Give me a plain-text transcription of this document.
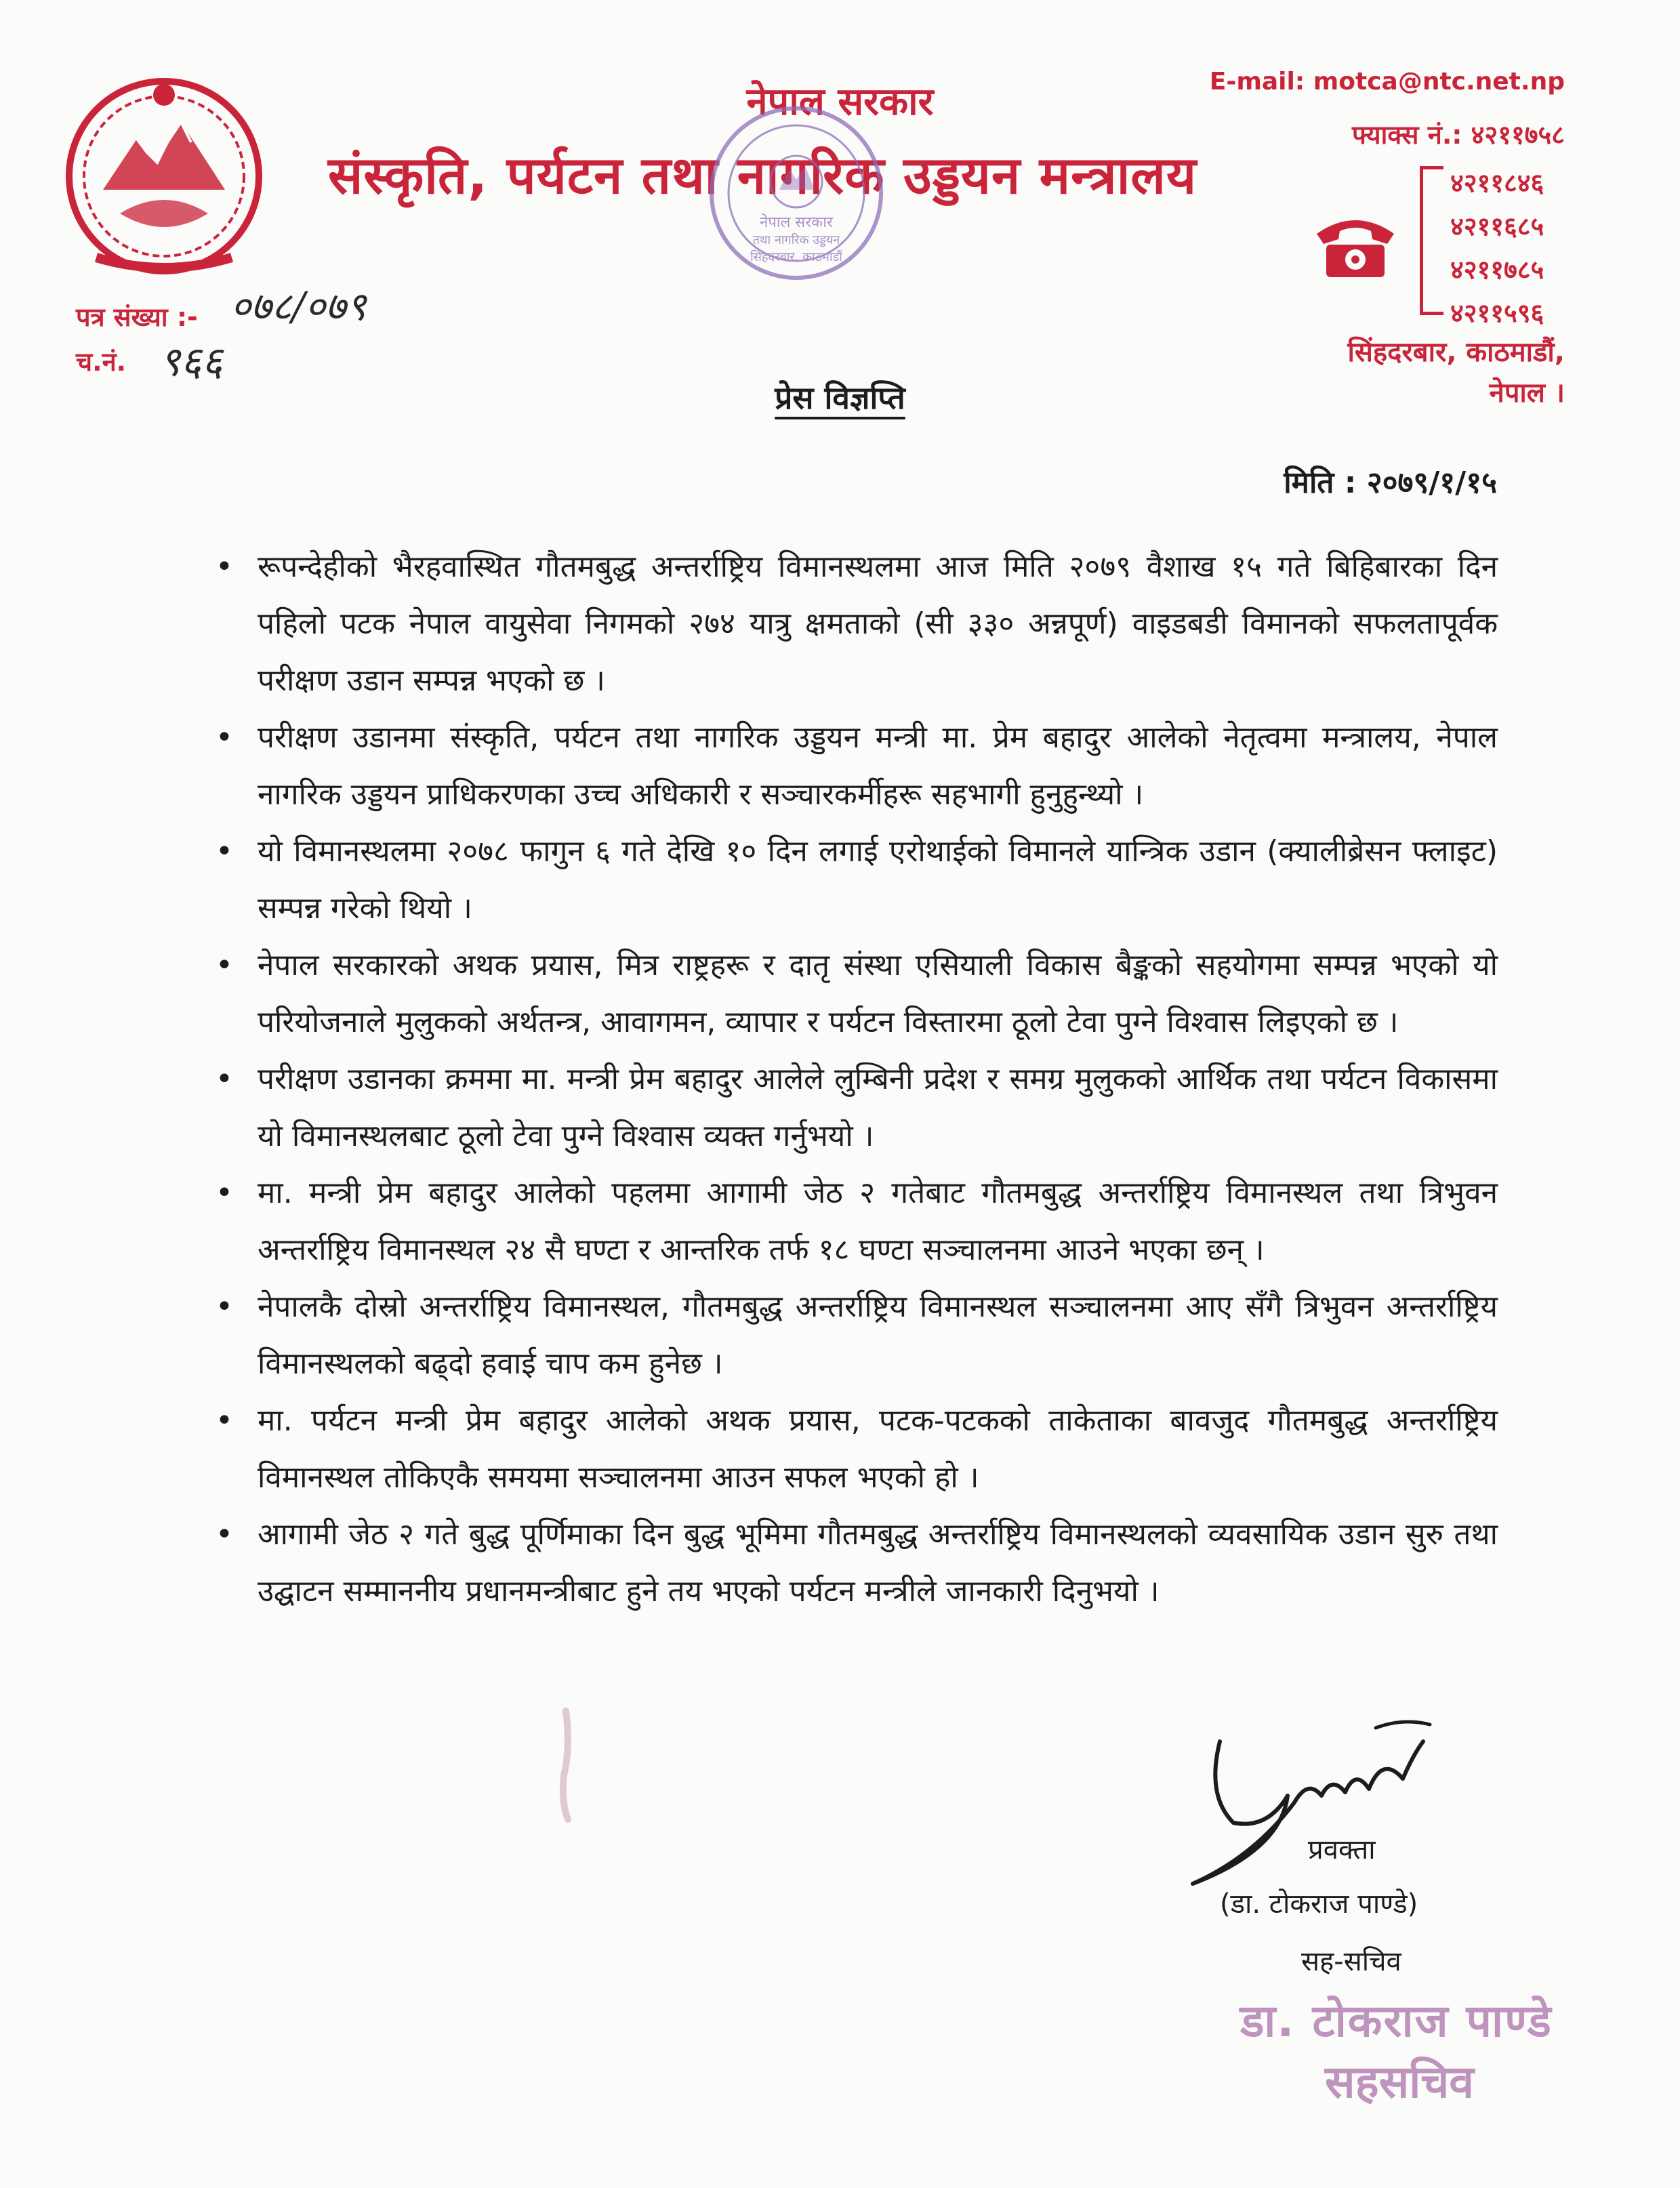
नेपाल सरकार
संस्कृति, पर्यटन तथा नागरिक उड्डयन मन्त्रालय
E-mail: motca@ntc.net.np
फ्याक्स नं.: ४२११७५८
४२११८४६
४२११६८५
४२११७८५
४२११५९६
सिंहदरबार, काठमाडौं,
नेपाल ।
नेपाल सरकार
तथा नागरिक उड्डयन
सिंहदरबार, काठमाडौं
पत्र संख्या :-
च.नं.
०७८/०७९
९६६
प्रेस विज्ञप्ति
मिति : २०७९/१/१५
• रूपन्देहीको भैरहवास्थित गौतमबुद्ध अन्तर्राष्ट्रिय विमानस्थलमा आज मिति २०७९ वैशाख १५ गते बिहिबारका दिन पहिलो पटक नेपाल वायुसेवा निगमको २७४ यात्रु क्षमताको (सी ३३० अन्नपूर्ण) वाइडबडी विमानको सफलतापूर्वक परीक्षण उडान सम्पन्न भएको छ ।
• परीक्षण उडानमा संस्कृति, पर्यटन तथा नागरिक उड्डयन मन्त्री मा. प्रेम बहादुर आलेको नेतृत्वमा मन्त्रालय, नेपाल नागरिक उड्डयन प्राधिकरणका उच्च अधिकारी र सञ्चारकर्मीहरू सहभागी हुनुहुन्थ्यो ।
• यो विमानस्थलमा २०७८ फागुन ६ गते देखि १० दिन लगाई एरोथाईको विमानले यान्त्रिक उडान (क्यालीब्रेसन फ्लाइट) सम्पन्न गरेको थियो ।
• नेपाल सरकारको अथक प्रयास, मित्र राष्ट्रहरू र दातृ संस्था एसियाली विकास बैङ्कको सहयोगमा सम्पन्न भएको यो परियोजनाले मुलुकको अर्थतन्त्र, आवागमन, व्यापार र पर्यटन विस्तारमा ठूलो टेवा पुग्ने विश्वास लिइएको छ ।
• परीक्षण उडानका क्रममा मा. मन्त्री प्रेम बहादुर आलेले लुम्बिनी प्रदेश र समग्र मुलुकको आर्थिक तथा पर्यटन विकासमा यो विमानस्थलबाट ठूलो टेवा पुग्ने विश्वास व्यक्त गर्नुभयो ।
• मा. मन्त्री प्रेम बहादुर आलेको पहलमा आगामी जेठ २ गतेबाट गौतमबुद्ध अन्तर्राष्ट्रिय विमानस्थल तथा त्रिभुवन अन्तर्राष्ट्रिय विमानस्थल २४ सै घण्टा र आन्तरिक तर्फ १८ घण्टा सञ्चालनमा आउने भएका छन् ।
• नेपालकै दोस्रो अन्तर्राष्ट्रिय विमानस्थल, गौतमबुद्ध अन्तर्राष्ट्रिय विमानस्थल सञ्चालनमा आए सँगै त्रिभुवन अन्तर्राष्ट्रिय विमानस्थलको बढ्दो हवाई चाप कम हुनेछ ।
• मा. पर्यटन मन्त्री प्रेम बहादुर आलेको अथक प्रयास, पटक-पटकको ताकेताका बावजुद गौतमबुद्ध अन्तर्राष्ट्रिय विमानस्थल तोकिएकै समयमा सञ्चालनमा आउन सफल भएको हो ।
• आगामी जेठ २ गते बुद्ध पूर्णिमाका दिन बुद्ध भूमिमा गौतमबुद्ध अन्तर्राष्ट्रिय विमानस्थलको व्यवसायिक उडान सुरु तथा उद्घाटन सम्माननीय प्रधानमन्त्रीबाट हुने तय भएको पर्यटन मन्त्रीले जानकारी दिनुभयो ।
प्रवक्ता
(डा. टोकराज पाण्डे)
सह-सचिव
डा. टोकराज पाण्डे
सहसचिव
